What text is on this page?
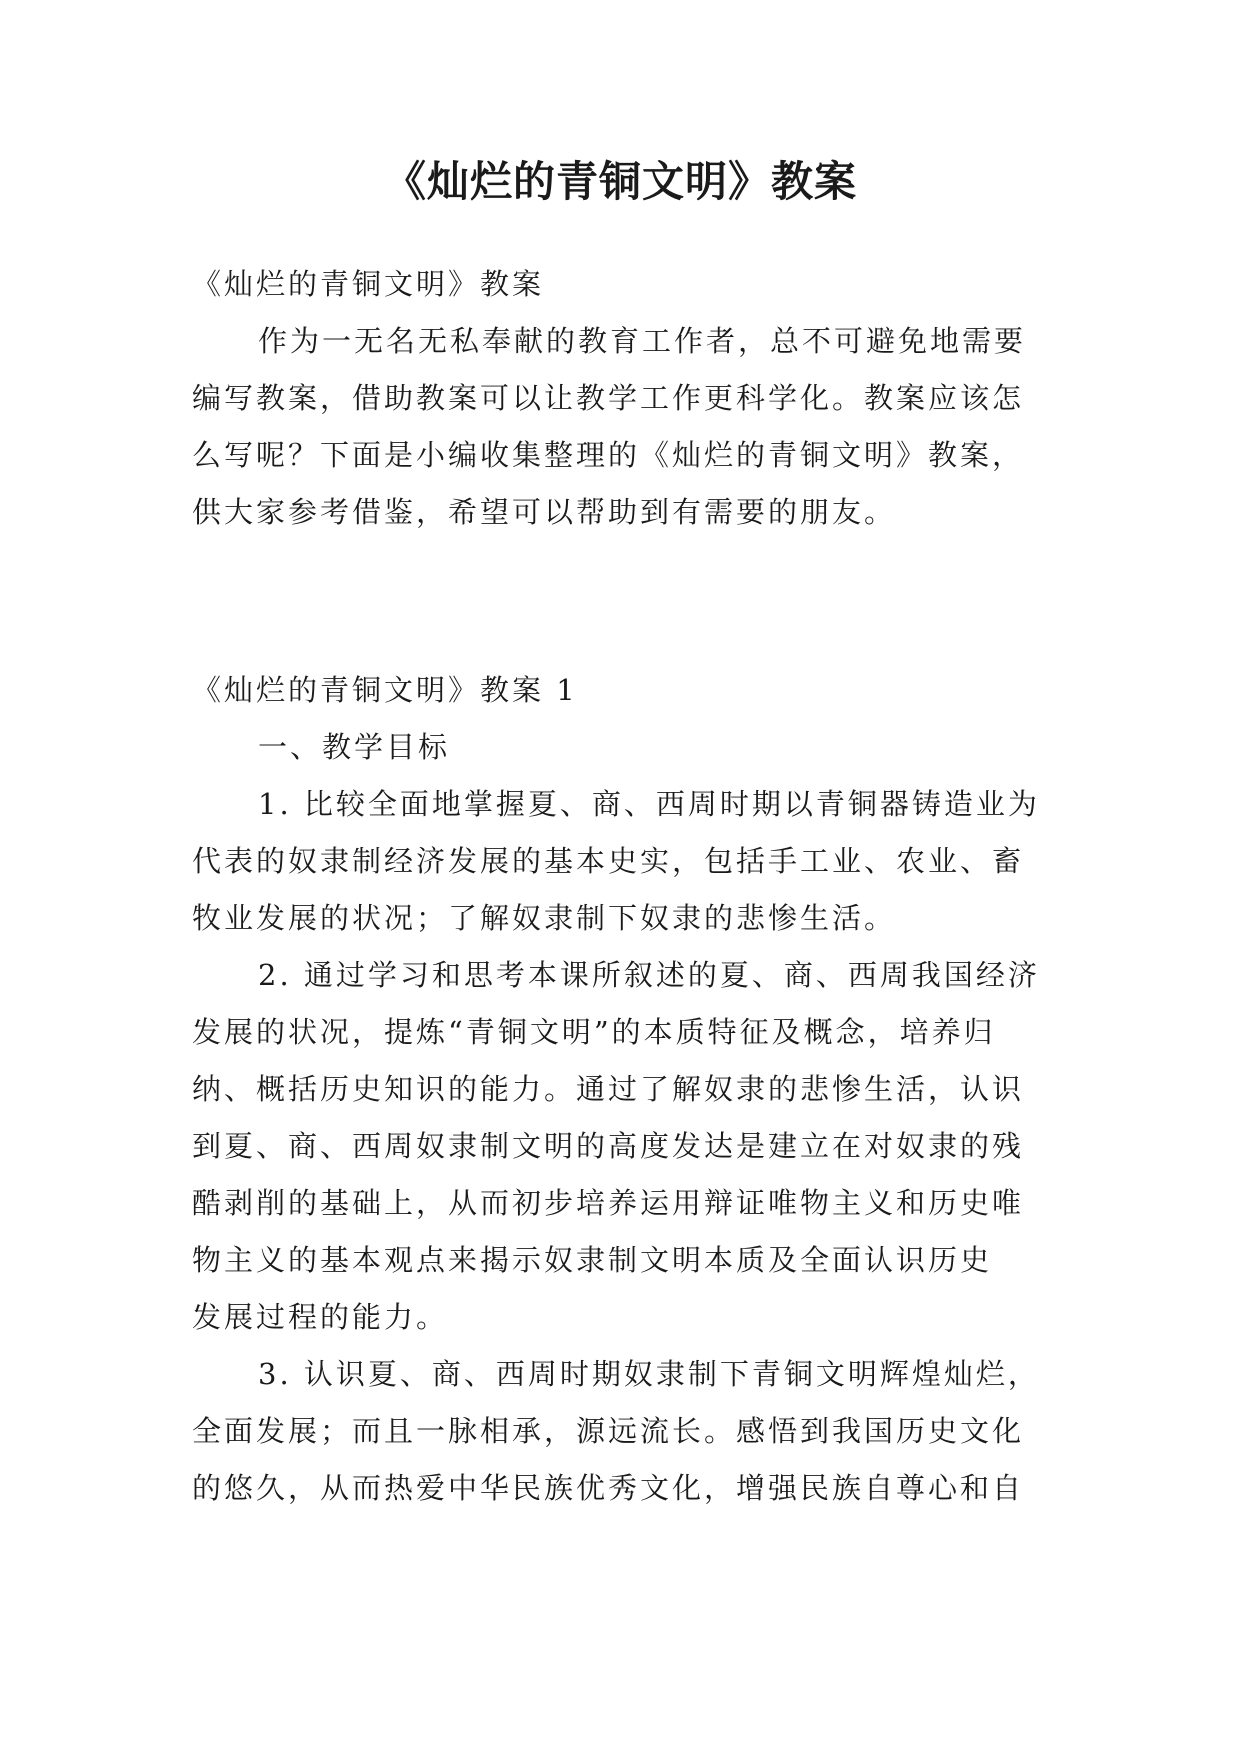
《灿烂的青铜文明》教案
《灿烂的青铜文明》教案
作为一无名无私奉献的教育工作者，总不可避免地需要
编写教案，借助教案可以让教学工作更科学化。教案应该怎
么写呢？下面是小编收集整理的《灿烂的青铜文明》教案，
供大家参考借鉴，希望可以帮助到有需要的朋友。
《灿烂的青铜文明》教案 1
一、教学目标
1. 比较全面地掌握夏、商、西周时期以青铜器铸造业为
代表的奴隶制经济发展的基本史实，包括手工业、农业、畜
牧业发展的状况；了解奴隶制下奴隶的悲惨生活。
2. 通过学习和思考本课所叙述的夏、商、西周我国经济
发展的状况，提炼“青铜文明”的本质特征及概念，培养归
纳、概括历史知识的能力。通过了解奴隶的悲惨生活，认识
到夏、商、西周奴隶制文明的高度发达是建立在对奴隶的残
酷剥削的基础上，从而初步培养运用辩证唯物主义和历史唯
物主义的基本观点来揭示奴隶制文明本质及全面认识历史
发展过程的能力。
3. 认识夏、商、西周时期奴隶制下青铜文明辉煌灿烂，
全面发展；而且一脉相承，源远流长。感悟到我国历史文化
的悠久，从而热爱中华民族优秀文化，增强民族自尊心和自
